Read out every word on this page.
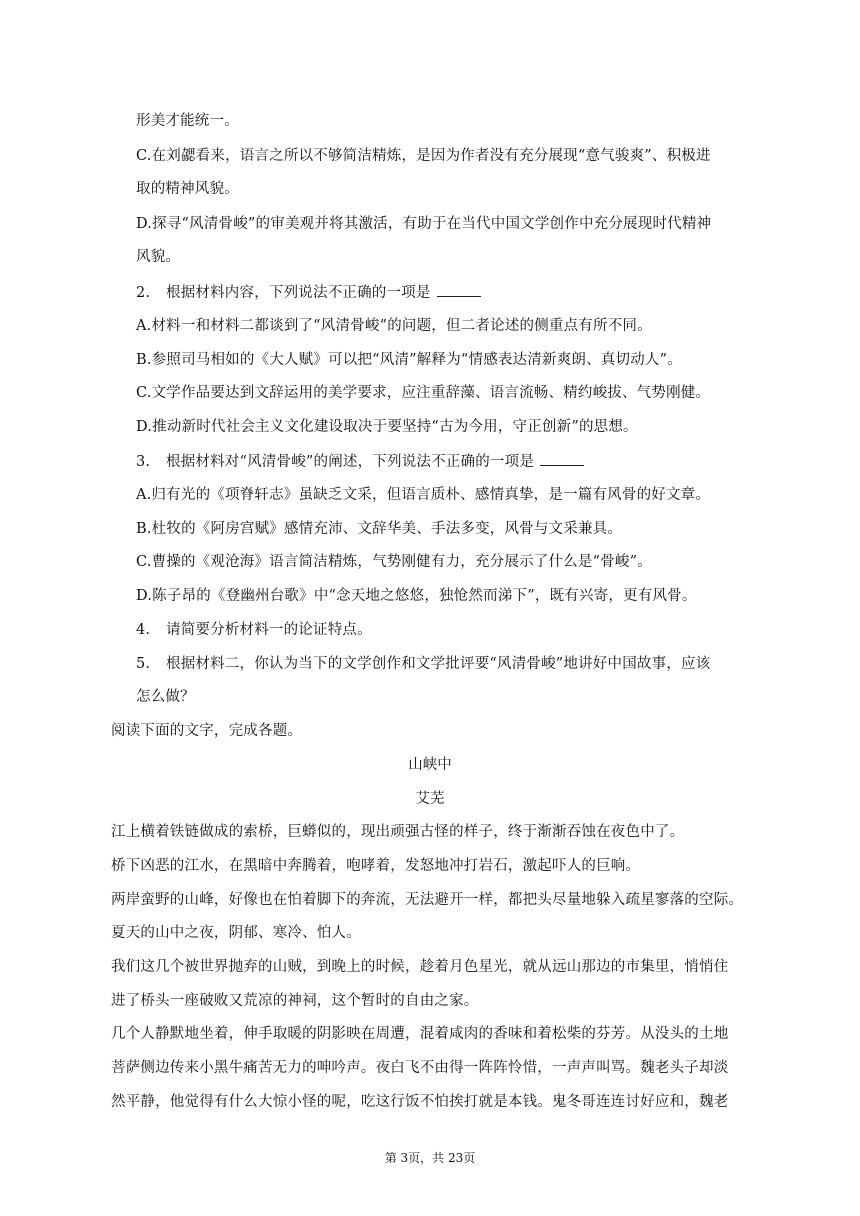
形美才能统一。
C.在刘勰看来，语言之所以不够简洁精炼，是因为作者没有充分展现“意气骏爽”、积极进
取的精神风貌。
D.探寻“风清骨峻”的审美观并将其激活，有助于在当代中国文学创作中充分展现时代精神
风貌。
2. 根据材料内容，下列说法不正确的一项是
A.材料一和材料二都谈到了“风清骨峻”的问题，但二者论述的侧重点有所不同。
B.参照司马相如的《大人赋》可以把“风清”解释为“情感表达清新爽朗、真切动人”。
C.文学作品要达到文辞运用的美学要求，应注重辞藻、语言流畅、精约峻拔、气势刚健。
D.推动新时代社会主义文化建设取决于要坚持“古为今用，守正创新”的思想。
3. 根据材料对“风清骨峻”的阐述，下列说法不正确的一项是
A.归有光的《项脊轩志》虽缺乏文采，但语言质朴、感情真挚，是一篇有风骨的好文章。
B.杜牧的《阿房宫赋》感情充沛、文辞华美、手法多变，风骨与文采兼具。
C.曹操的《观沧海》语言简洁精炼，气势刚健有力，充分展示了什么是“骨峻”。
D.陈子昂的《登幽州台歌》中“念天地之悠悠，独怆然而涕下”，既有兴寄，更有风骨。
4. 请简要分析材料一的论证特点。
5. 根据材料二，你认为当下的文学创作和文学批评要“风清骨峻”地讲好中国故事，应该
怎么做？
阅读下面的文字，完成各题。
山峡中
艾芜
江上横着铁链做成的索桥，巨蟒似的，现出顽强古怪的样子，终于渐渐吞蚀在夜色中了。
桥下凶恶的江水，在黑暗中奔腾着，咆哮着，发怒地冲打岩石，激起吓人的巨响。
两岸蛮野的山峰，好像也在怕着脚下的奔流，无法避开一样，都把头尽量地躲入疏星寥落的空际。
夏天的山中之夜，阴郁、寒冷、怕人。
我们这几个被世界抛弃的山贼，到晚上的时候，趁着月色星光，就从远山那边的市集里，悄悄住
进了桥头一座破败又荒凉的神祠，这个暂时的自由之家。
几个人静默地坐着，伸手取暖的阴影映在周遭，混着咸肉的香味和着松柴的芬芳。从没头的土地
菩萨侧边传来小黑牛痛苦无力的呻吟声。夜白飞不由得一阵阵怜惜，一声声叫骂。魏老头子却淡
然平静，他觉得有什么大惊小怪的呢，吃这行饭不怕挨打就是本钱。鬼冬哥连连讨好应和，魏老
第 3页，共 23页
